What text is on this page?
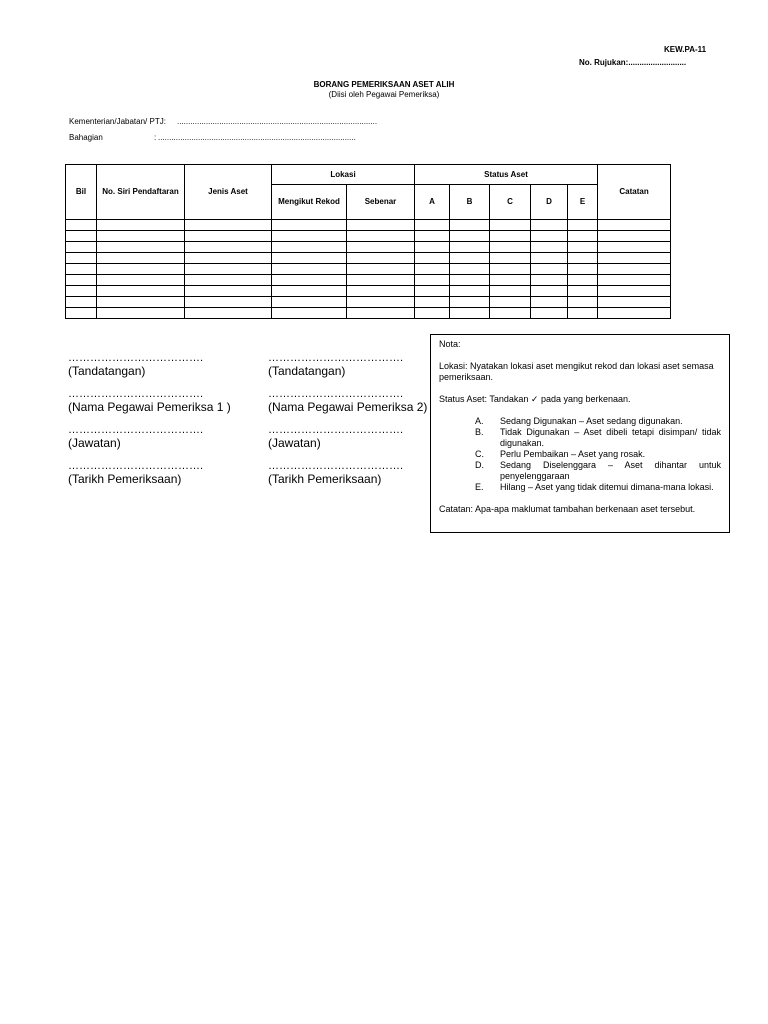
KEW.PA-11
No. Rujukan:..........................
BORANG PEMERIKSAAN ASET ALIH
(Diisi oleh Pegawai Pemeriksa)
Kementerian/Jabatan/ PTJ: ..........................................................................................
Bahagian	: .........................................................................................
Bil	No. Siri Pendaftaran	Jenis Aset	Lokasi		Status Aset					Catatan
			Mengikut Rekod	Sebenar	A	B	C	D	E	

……………………………….
(Tandatangan)
……………………………….
(Nama Pegawai Pemeriksa 1 )
……………………………….
(Jawatan)
……………………………….
(Tarikh Pemeriksaan)
……………………………….
(Tandatangan)
……………………………….
(Nama Pegawai Pemeriksa 2)
……………………………….
(Jawatan)
……………………………….
(Tarikh Pemeriksaan)

Nota:

Lokasi: Nyatakan lokasi aset mengikut rekod dan lokasi aset semasa pemeriksaan.

Status Aset: Tandakan ✓ pada yang berkenaan.

A.	Sedang Digunakan – Aset sedang digunakan.
B.	Tidak Digunakan – Aset dibeli tetapi disimpan/ tidak digunakan.
C.	Perlu Pembaikan – Aset yang rosak.
D.	Sedang Diselenggara – Aset dihantar untuk penyelenggaraan
E.	Hilang – Aset yang tidak ditemui dimana-mana lokasi.

Catatan: Apa-apa maklumat tambahan berkenaan aset tersebut.
